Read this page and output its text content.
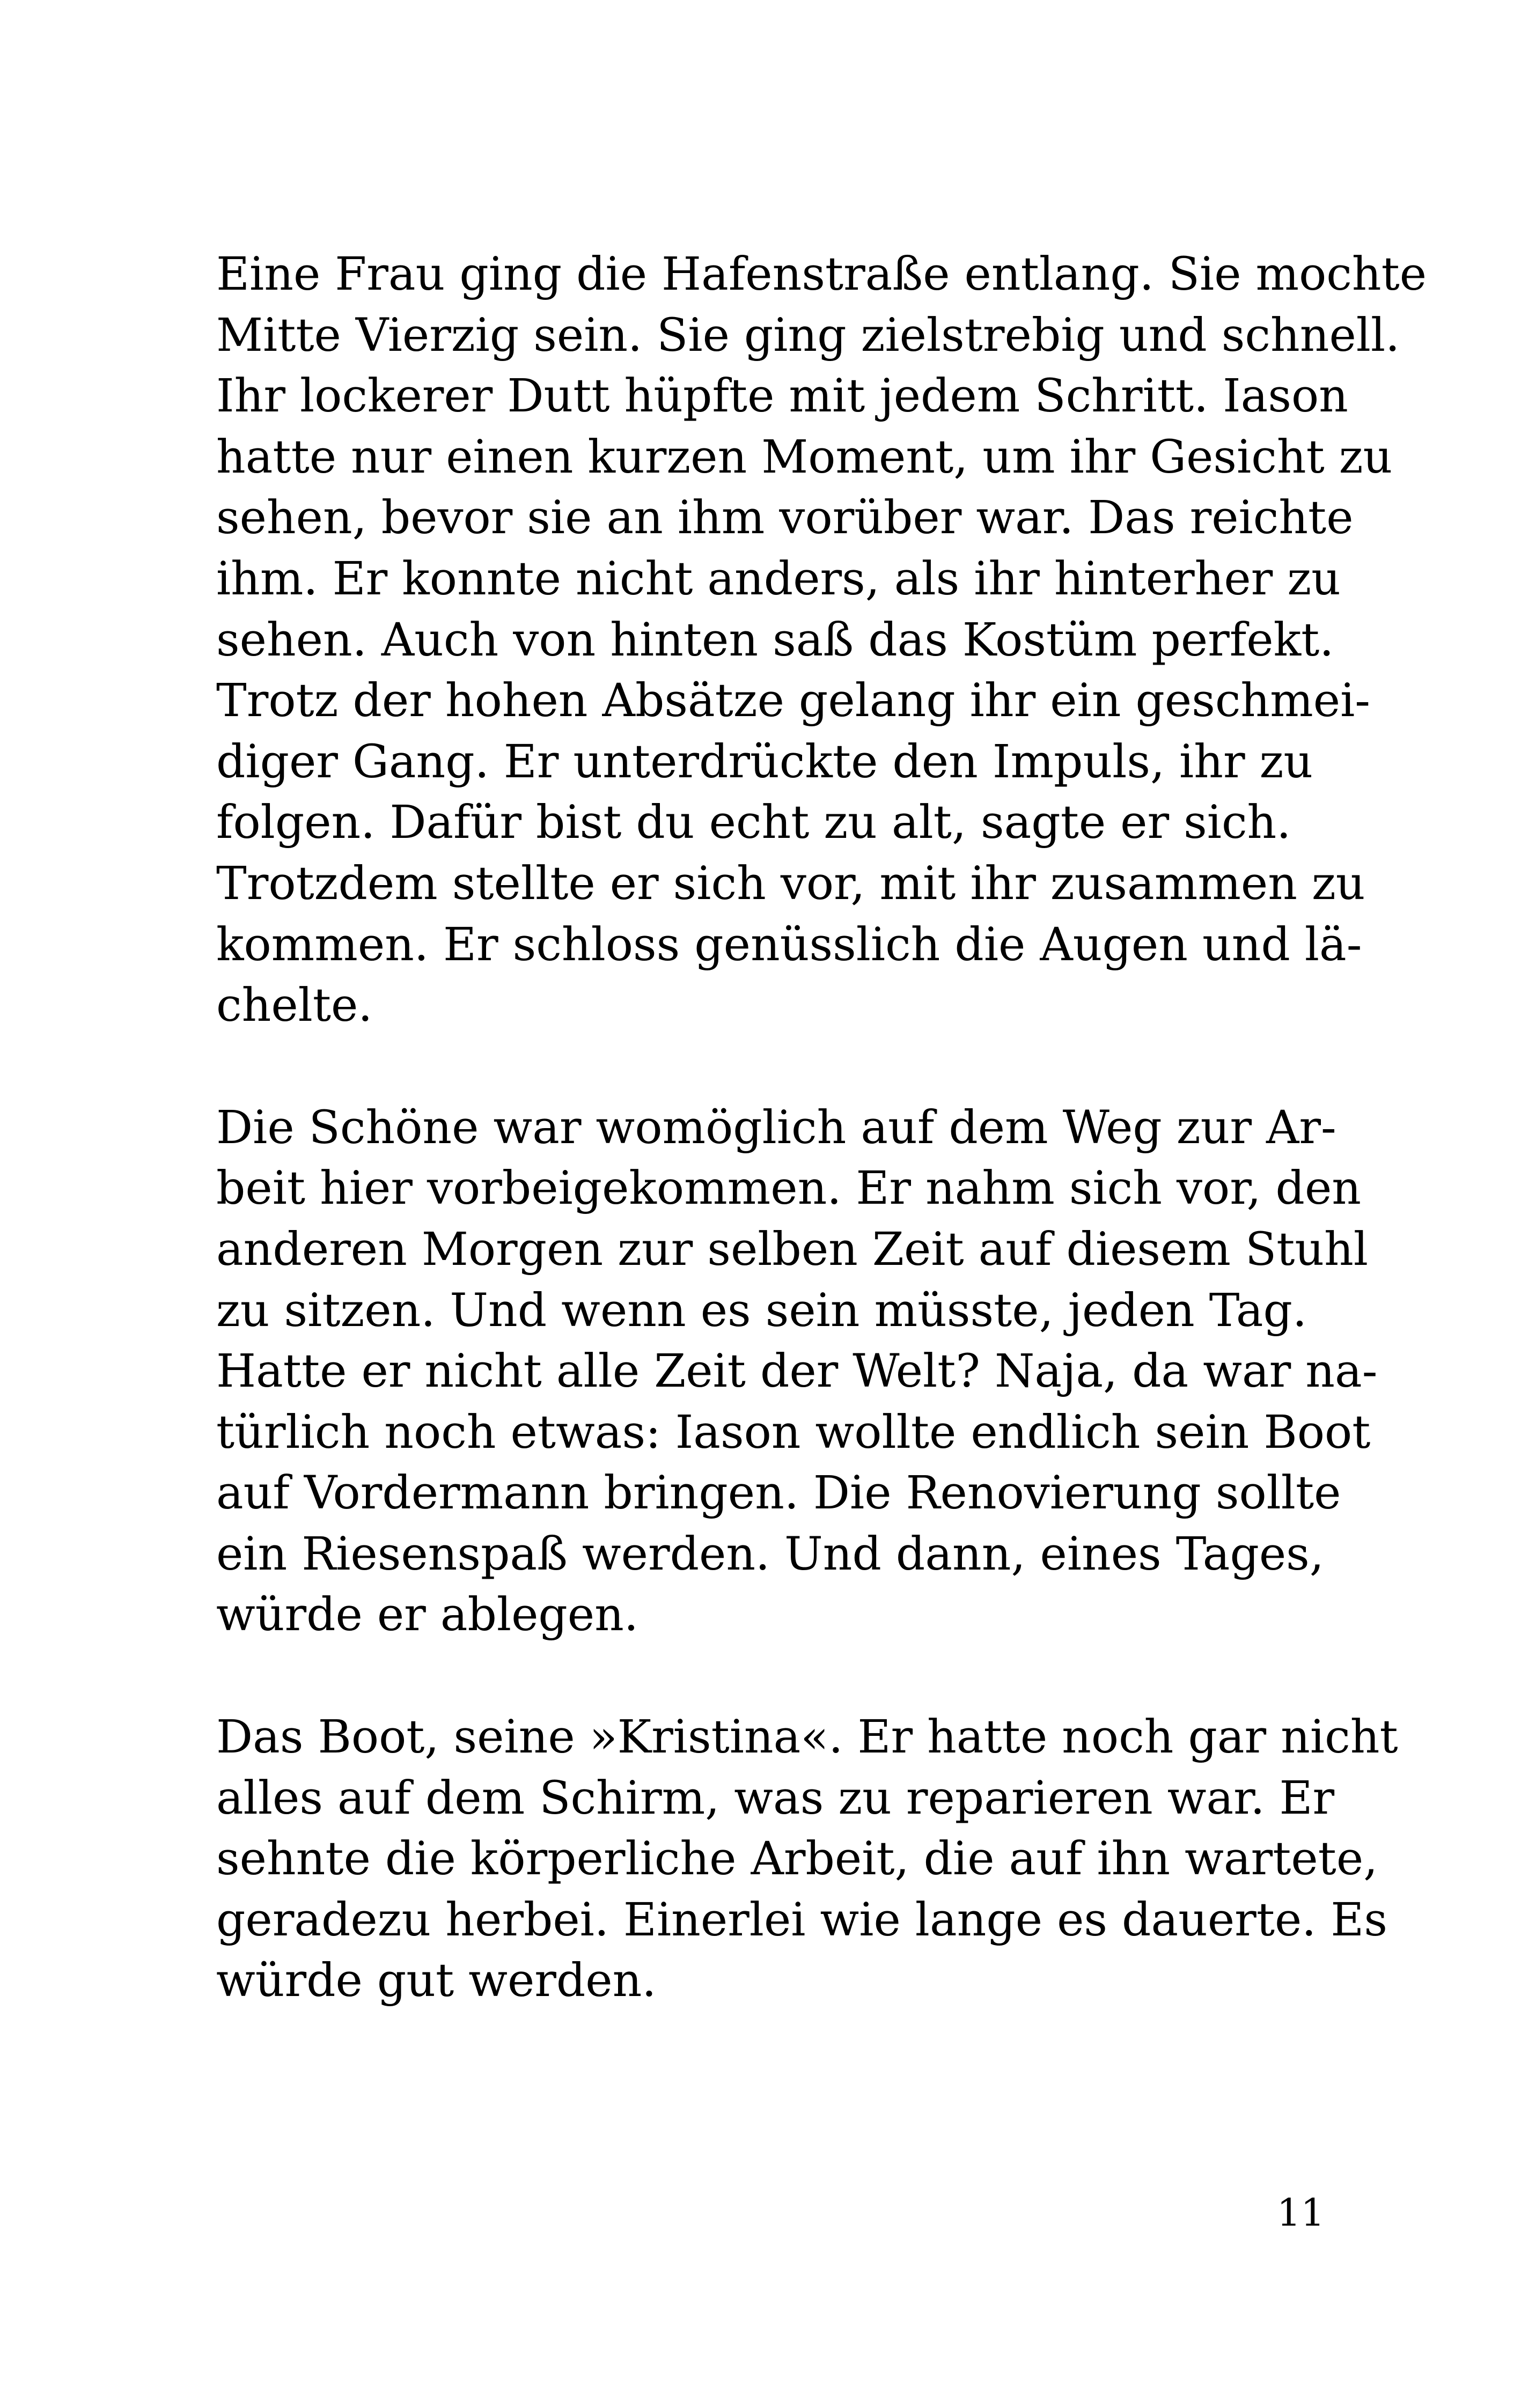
Eine Frau ging die Hafenstraße entlang. Sie mochte
Mitte Vierzig sein. Sie ging zielstrebig und schnell.
Ihr lockerer Dutt hüpfte mit jedem Schritt. Iason
hatte nur einen kurzen Moment, um ihr Gesicht zu
sehen, bevor sie an ihm vorüber war. Das reichte
ihm. Er konnte nicht anders, als ihr hinterher zu
sehen. Auch von hinten saß das Kostüm perfekt.
Trotz der hohen Absätze gelang ihr ein geschmei-
diger Gang. Er unterdrückte den Impuls, ihr zu
folgen. Dafür bist du echt zu alt, sagte er sich.
Trotzdem stellte er sich vor, mit ihr zusammen zu
kommen. Er schloss genüsslich die Augen und lä-
chelte.

Die Schöne war womöglich auf dem Weg zur Ar-
beit hier vorbeigekommen. Er nahm sich vor, den
anderen Morgen zur selben Zeit auf diesem Stuhl
zu sitzen. Und wenn es sein müsste, jeden Tag.
Hatte er nicht alle Zeit der Welt? Naja, da war na-
türlich noch etwas: Iason wollte endlich sein Boot
auf Vordermann bringen. Die Renovierung sollte
ein Riesenspaß werden. Und dann, eines Tages,
würde er ablegen.

Das Boot, seine »Kristina«. Er hatte noch gar nicht
alles auf dem Schirm, was zu reparieren war. Er
sehnte die körperliche Arbeit, die auf ihn wartete,
geradezu herbei. Einerlei wie lange es dauerte. Es
würde gut werden.

11
